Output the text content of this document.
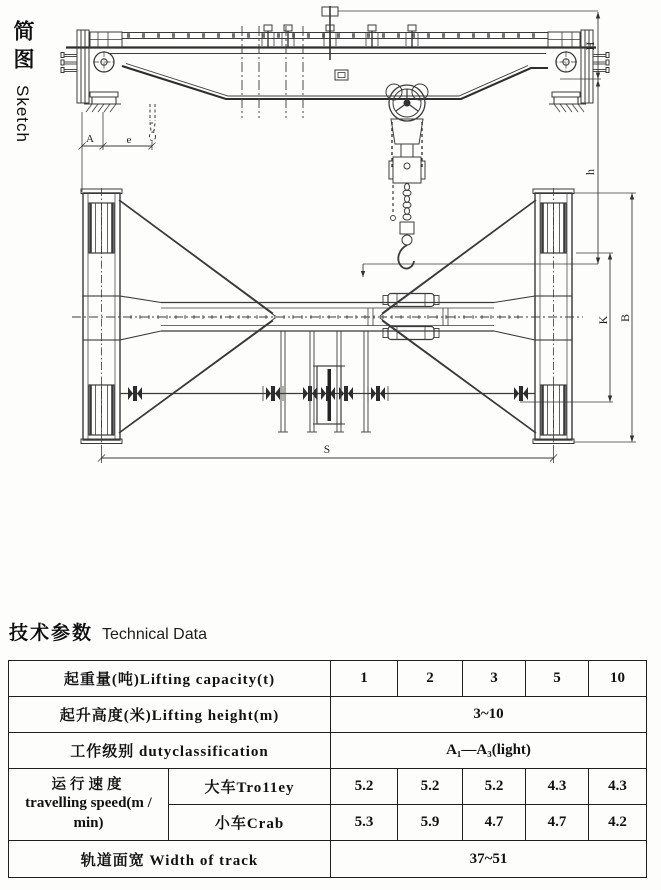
简图
Sketch	A	e
H
h
S
K B
技术参数 Technical Data
起重量(吨)Lifting capacity(t)		1	2	3	5	10
起升高度(米)Lifting height(m)		3~10				
工作级别 dutyclassification		A₁—A₃(light)				

运行速度
travelling speed(m / min)	大车Tro11ey	5.2	5.2	5.2	4.3	4.3
	小车Crab	5.3	5.9	4.7	4.7	4.2
轨道面宽 Width of track		37~51				
